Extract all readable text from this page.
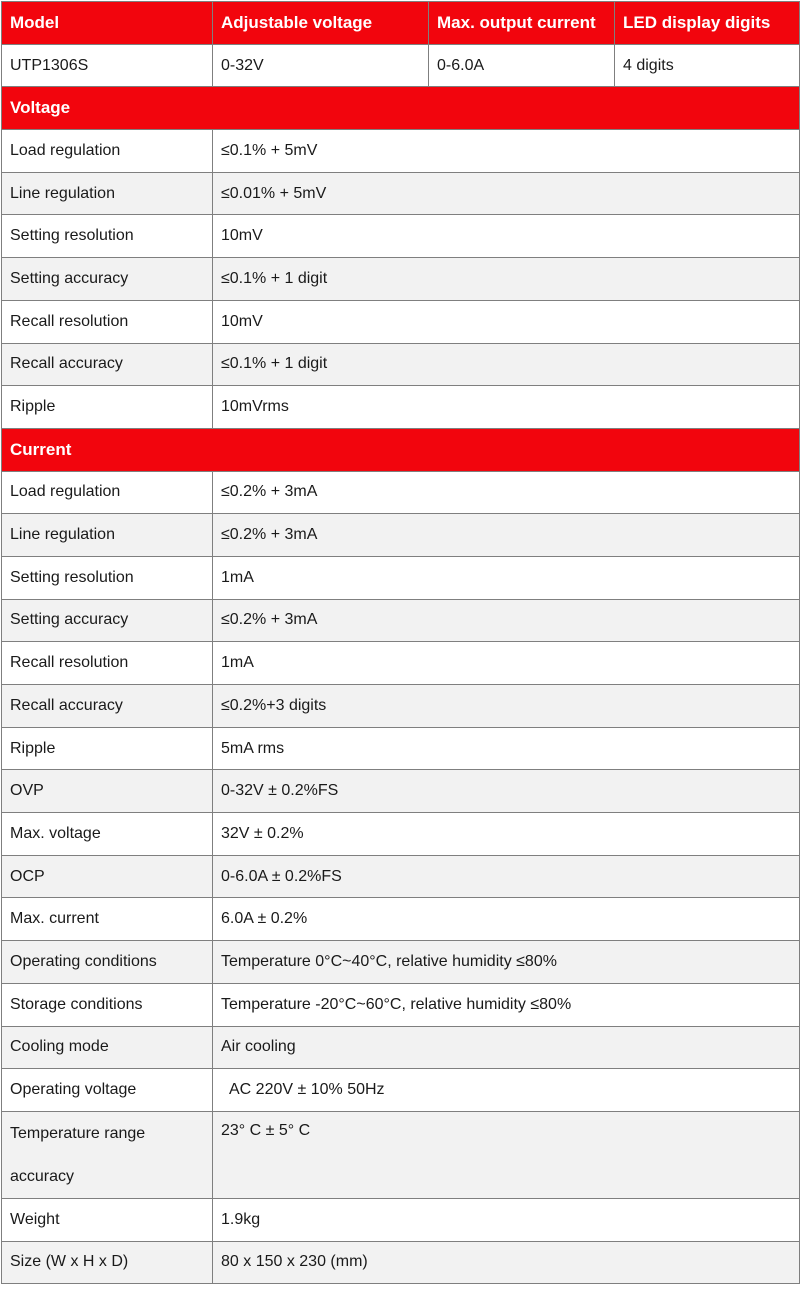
Model	Adjustable voltage	Max. output current	LED display digits
UTP1306S	0-32V	0-6.0A	4 digits
Voltage			
Load regulation	≤0.1% + 5mV		
Line regulation	≤0.01% + 5mV		
Setting resolution	10mV		
Setting accuracy	≤0.1% + 1 digit		
Recall resolution	10mV		
Recall accuracy	≤0.1% + 1 digit		
Ripple	10mVrms		
Current			
Load regulation	≤0.2% + 3mA		
Line regulation	≤0.2% + 3mA		
Setting resolution	1mA		
Setting accuracy	≤0.2% + 3mA		
Recall resolution	1mA		
Recall accuracy	≤0.2%+3 digits		
Ripple	5mA rms		
OVP	0-32V ± 0.2%FS		
Max. voltage	32V ± 0.2%		
OCP	0-6.0A ± 0.2%FS		
Max. current	6.0A ± 0.2%		
Operating conditions	Temperature 0°C~40°C, relative humidity ≤80%		
Storage conditions	Temperature -20°C~60°C, relative humidity ≤80%		
Cooling mode	Air cooling		
Operating voltage	AC 220V ± 10% 50Hz		
Temperature range accuracy	23° C ± 5° C		
Weight	1.9kg		
Size (W x H x D)	80 x 150 x 230 (mm)		
